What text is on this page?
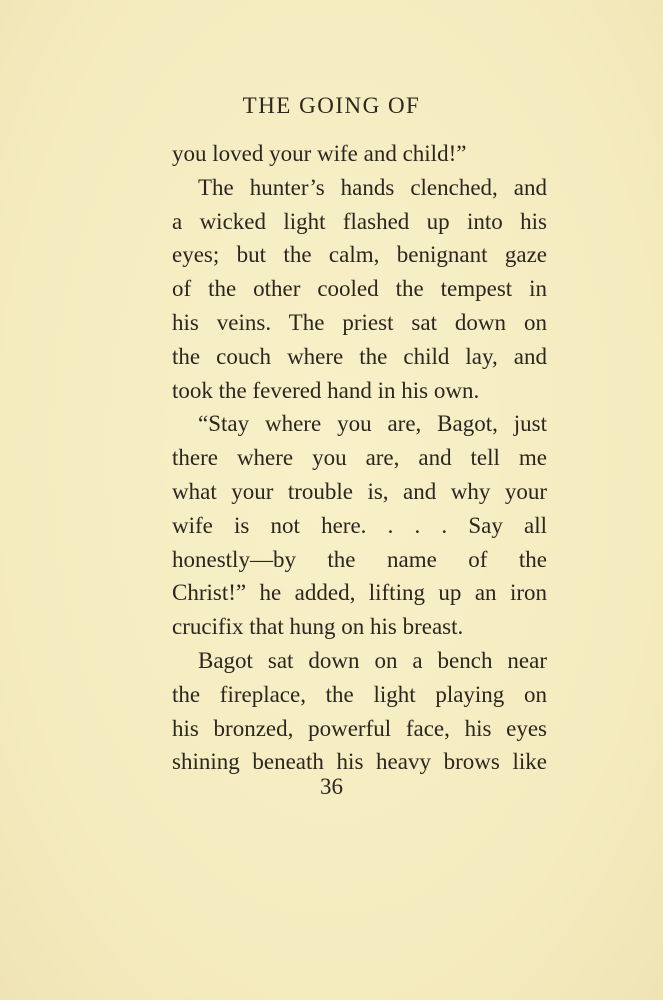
THE GOING OF
you loved your wife and child!”
The hunter’s hands clenched, and
a wicked light flashed up into his
eyes; but the calm, benignant gaze
of the other cooled the tempest in
his veins. The priest sat down on
the couch where the child lay, and
took the fevered hand in his own.
“Stay where you are, Bagot, just
there where you are, and tell me
what your trouble is, and why your
wife is not here. . . . Say all
honestly—by the name of the
Christ!” he added, lifting up an iron
crucifix that hung on his breast.
Bagot sat down on a bench near
the fireplace, the light playing on
his bronzed, powerful face, his eyes
shining beneath his heavy brows like
36
